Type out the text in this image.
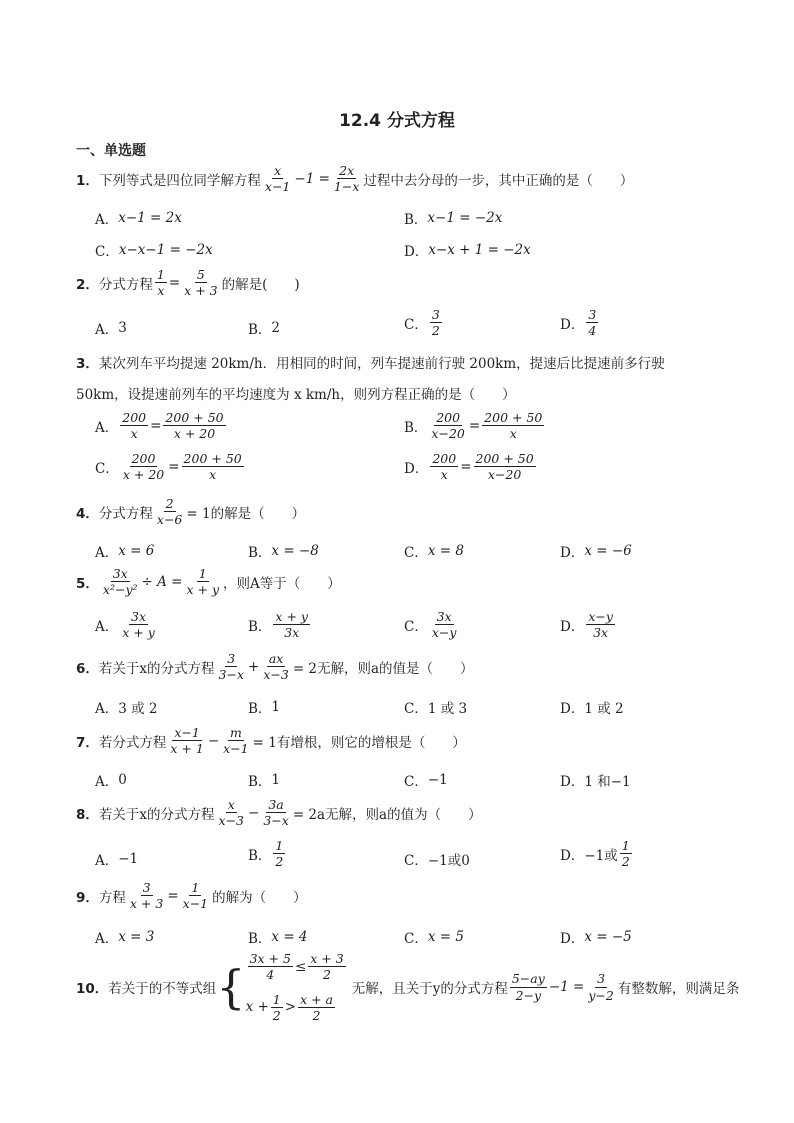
12.4 分式方程
一、单选题
1． 下列等式是四位同学解方程 $\frac{x}{x-1} -1 = \frac{2x}{1-x}$ 过程中去分母的一步，其中正确的是（　　）
A． x−1 = 2x	B． x−1 = −2x
C． x−x−1 = −2x	D． x−x + 1 = −2x
2． 分式方程 $\frac{1}{x} = \frac{5}{x + 3}$ 的解是(　　)
A． 3	B． 2	C． $\frac{3}{2}$	D． $\frac{3}{4}$
3．某次列车平均提速 20km/h．用相同的时间，列车提速前行驶 200km，提速后比提速前多行驶
50km，设提速前列车的平均速度为 x km/h，则列方程正确的是（　　）
A． $\frac{200}{x} = \frac{200 + 50}{x + 20}$	B． $\frac{200}{x-20} = \frac{200 + 50}{x}$
C． $\frac{200}{x + 20} = \frac{200 + 50}{x}$	D． $\frac{200}{x} = \frac{200 + 50}{x-20}$
4． 分式方程 $\frac{2}{x-6} = 1$的解是（　　）
A． x = 6	B． x = −8	C． x = 8	D． x = −6
5． $\frac{3x}{\text{x²−y²}} \div A = \frac{1}{x + y}$ ，则A等于（　　）
A． $\frac{3x}{x + y}$	B． $\frac{x + y}{3x}$	C． $\frac{3x}{x-y}$	D． $\frac{x-y}{3x}$
6． 若关于x的分式方程 $\frac{3}{3-x} + \frac{ax}{x-3} = 2$无解，则a的值是（　　）
A． 3 或 2	B． 1	C． 1 或 3	D． 1 或 2
7． 若分式方程 $\frac{x-1}{x + 1} - \frac{m}{x-1} = 1$有增根，则它的增根是（　　）
A． 0	B． 1	C． −1	D． 1 和−1
8． 若关于x的分式方程 $\frac{x}{x-3} - \frac{3a}{3-x} = 2a$无解，则a的值为（　　）
A． −1	B． $\frac{1}{2}$	C． −1或0	D． −1或 $\frac{1}{2}$
9． 方程 $\frac{3}{x + 3} = \frac{1}{x-1}$ 的解为（　　）
A． x = 3	B． x = 4	C． x = 5	D． x = −5
10． 若关于的不等式组 { $\frac{3x + 5}{4} \le \frac{x + 3}{2}$
$x + \frac{1}{2} > \frac{x + a}{2}$
无解，且关于y的分式方程 $\frac{5-ay}{2-y} -1 = \frac{3}{y-2}$ 有整数解，则满足条
